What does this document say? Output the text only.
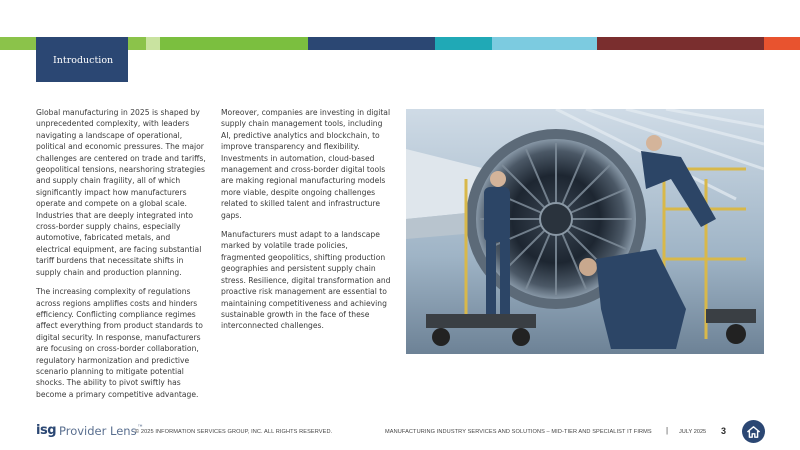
Introduction

Global manufacturing in 2025 is shaped by unprecedented complexity, with leaders navigating a landscape of operational, political and economic pressures. The major challenges are centered on trade and tariffs, geopolitical tensions, nearshoring strategies and supply chain fragility, all of which significantly impact how manufacturers operate and compete on a global scale. Industries that are deeply integrated into cross-border supply chains, especially automotive, fabricated metals, and electrical equipment, are facing substantial tariff burdens that necessitate shifts in supply chain and production planning.

The increasing complexity of regulations across regions amplifies costs and hinders efficiency. Conflicting compliance regimes affect everything from product standards to digital security. In response, manufacturers are focusing on cross-border collaboration, regulatory harmonization and predictive scenario planning to mitigate potential shocks. The ability to pivot swiftly has become a primary competitive advantage.

Moreover, companies are investing in digital supply chain management tools, including AI, predictive analytics and blockchain, to improve transparency and flexibility. Investments in automation, cloud-based management and cross-border digital tools are making regional manufacturing models more viable, despite ongoing challenges related to skilled talent and infrastructure gaps.

Manufacturers must adapt to a landscape marked by volatile trade policies, fragmented geopolitics, shifting production geographies and persistent supply chain stress. Resilience, digital transformation and proactive risk management are essential to maintaining competitiveness and achieving sustainable growth in the face of these interconnected challenges.

isg Provider Lens ™
© 2025 INFORMATION SERVICES GROUP, INC. ALL RIGHTS RESERVED.	MANUFACTURING INDUSTRY SERVICES AND SOLUTIONS – MID-TIER AND SPECIALIST IT FIRMS | JULY 2025 3
